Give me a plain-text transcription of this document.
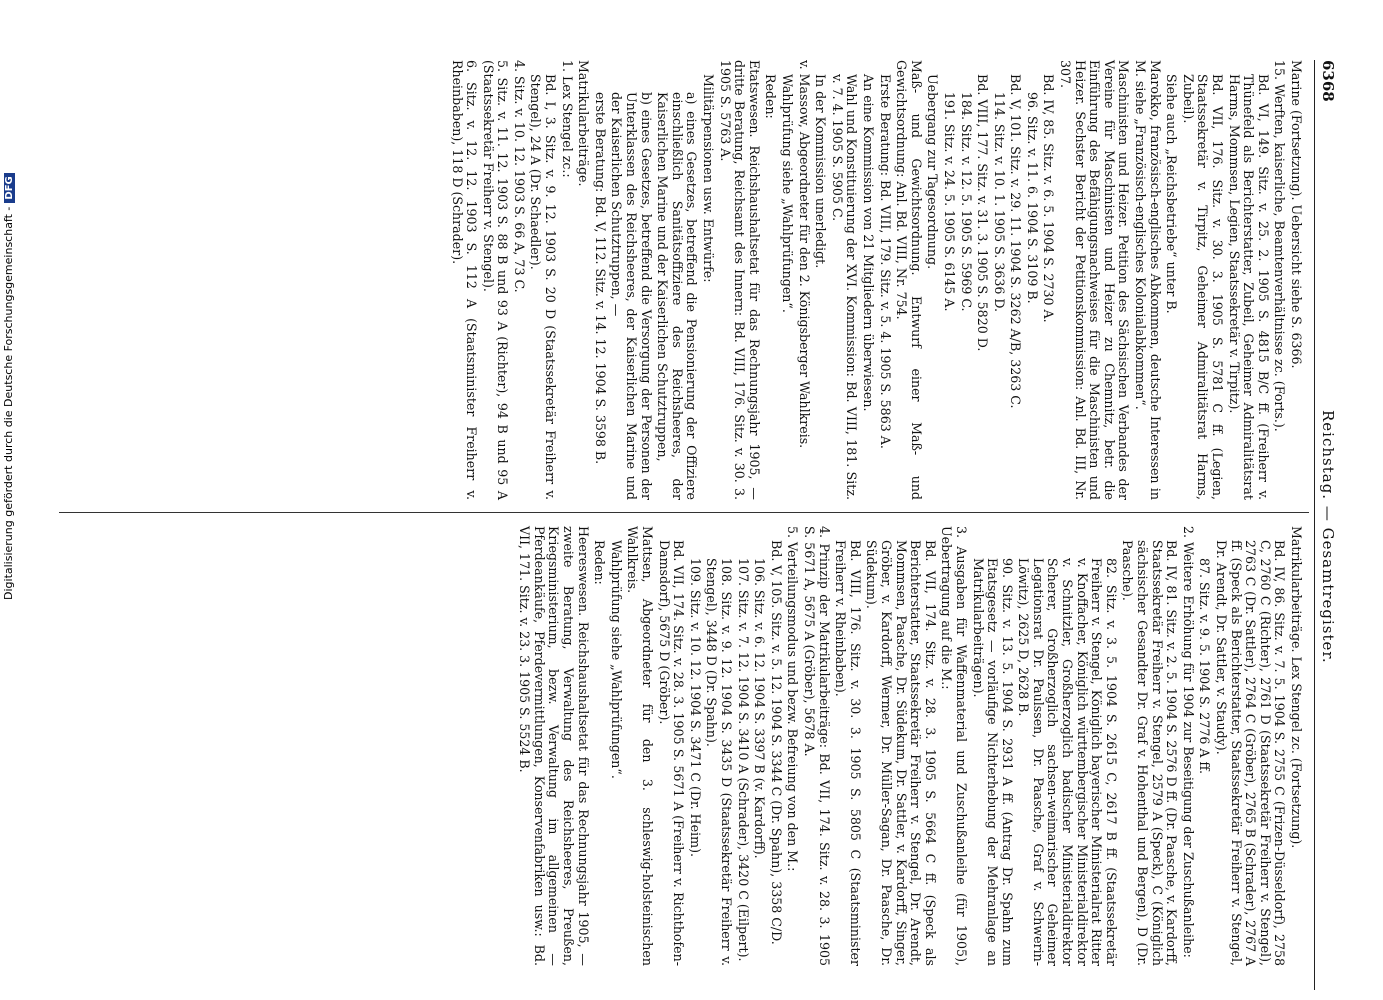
Digitalisierung gefördert durch die Deutsche Forschungsgemeinschaft -DFG
6368
Reichstag. — Gesamtregister.
Marine (Fortsetzung). Uebersicht siehe S. 6366.
15. Werften, kaiserliche, Beamtenverhältnisse zc. (Forts.).
Bd. VI, 149. Sitz. v. 25. 2. 1905 S. 4815 B/C ff. (Freiherr v. Thünefeld als Berichterstatter, Zubeil, Geheimer Admiralitätsrat Harms, Mommsen, Legien, Staatssekretär v. Tirpitz).
Bd. VII, 176. Sitz. v. 30. 3. 1905 S. 5781 C ff. (Legien, Staatssekretär v. Tirpitz, Geheimer Admiralitätsrat Harms, Zubeil).
Siehe auch „Reichsbetriebe“ unter B.
Marokko, französisch-englisches Abkommen, deutsche Interessen in M. siehe „Französisch-englisches Kolonialabkommen“.
Maschinisten und Heizer. Petition des Sächsischen Verbandes der Vereine für Maschinisten und Heizer zu Chemnitz, betr. die Einführung des Befähigungsnachweises für die Maschinisten und Heizer. Sechster Bericht der Petitionskommission: Anl. Bd. III, Nr. 307.
Bd. IV, 85. Sitz. v. 6. 5. 1904 S. 2730 A.
96. Sitz. v. 11. 6. 1904 S. 3109 B.
Bd. V, 101. Sitz. v. 29. 11. 1904 S. 3262 A/B, 3263 C.
114. Sitz. v. 10. 1. 1905 S. 3636 D.
Bd. VIII, 177. Sitz. v. 31. 3. 1905 S. 5820 D.
184. Sitz. v. 12. 5. 1905 S. 5969 C.
191. Sitz. v. 24. 5. 1905 S. 6145 A.
Uebergang zur Tagesordnung.
Maß- und Gewichtsordnung. Entwurf einer Maß- und Gewichtsordnung: Anl. Bd. VIII, Nr. 754.
Erste Beratung: Bd. VIII, 179. Sitz. v. 5. 4. 1905 S. 5863 A.
An eine Kommission von 21 Mitgliedern überwiesen.
Wahl und Konstituierung der XVI. Kommission: Bd. VIII, 181. Sitz. v. 7. 4. 1905 S. 5905 C.
In der Kommission unerledigt.
v. Massow, Abgeordneter für den 2. Königsberger Wahlkreis.
Wahlprüfung siehe „Wahlprüfungen“.
Reden:
Etatswesen. Reichshaushaltsetat für das Rechnungsjahr 1905, — dritte Beratung, Reichsamt des Innern: Bd. VIII, 176. Sitz. v. 30. 3. 1905 S. 5763 A.
Militärpensionen usw. Entwürfe:
a) eines Gesetzes, betreffend die Pensionierung der Offiziere einschließlich Sanitätsoffiziere des Reichsheeres, der Kaiserlichen Marine und der Kaiserlichen Schutztruppen,
b) eines Gesetzes, betreffend die Versorgung der Personen der Unterklassen des Reichsheeres, der Kaiserlichen Marine und der Kaiserlichen Schutztruppen, —
erste Beratung: Bd. V, 112. Sitz. v. 14. 12. 1904 S. 3598 B.
Matrikularbeiträge.
1. Lex Stengel zc.:
Bd. I, 3. Sitz. v. 9. 12. 1903 S. 20 D (Staatssekretär Freiherr v. Stengel), 24 A (Dr. Schaedler).
4. Sitz. v. 10. 12. 1903 S. 66 A, 73 C.
5. Sitz. v. 11. 12. 1903 S. 88 B und 93 A (Richter), 94 B und 95 A (Staatssekretär Freiherr v. Stengel).
6. Sitz. v. 12. 12. 1903 S. 112 A (Staatsminister Freiherr v. Rheinbaben), 118 D (Schrader).
Matrikularbeiträge. Lex Stengel zc. (Fortsetzung).
Bd. IV, 86. Sitz. v. 7. 5. 1904 S. 2755 C (Frizen-Düsseldorf), 2758 C, 2760 C (Richter), 2761 D (Staatssekretär Freiherr v. Stengel), 2763 C (Dr. Sattler), 2764 C (Gröber), 2765 B (Schrader), 2767 A ff. (Speck als Berichterstatter, Staatssekretär Freiherr v. Stengel, Dr. Arendt, Dr. Sattler, v. Staudy).
87. Sitz. v. 9. 5. 1904 S. 2776 A ff.
2. Weitere Erhöhung für 1904 zur Beseitigung der Zuschußanleihe:
Bd. IV, 81. Sitz. v. 2. 5. 1904 S. 2576 D ff. (Dr. Paasche, v. Kardorff, Staatssekretär Freiherr v. Stengel, 2579 A (Speck), C (Königlich sächsischer Gesandter Dr. Graf v. Hohenthal und Bergen), D (Dr. Paasche).
82. Sitz. v. 3. 5. 1904 S. 2615 C, 2617 B ff. (Staatssekretär Freiherr v. Stengel, Königlich bayerischer Ministerialrat Ritter v. Knoffacher, Königlich württembergischer Ministerialdirektor v. Schnitzler, Großherzoglich badischer Ministerialdirektor Scherer, Großherzoglich sachsen-weimarischer Geheimer Legationsrat Dr. Paulssen, Dr. Paasche, Graf v. Schwerin-Löwitz), 2625 D, 2628 B.
90. Sitz. v. 13. 5. 1904 S. 2931 A ff. (Antrag Dr. Spahn zum Etatsgesetz — vorläufige Nichterhebung der Mehranlage an Matrikularbeiträgen).
3. Ausgaben für Waffenmaterial und Zuschußanleihe (für 1905), Uebertragung auf die M.:
Bd. VII, 174. Sitz. v. 28. 3. 1905 S. 5664 C ff. (Speck als Berichterstatter, Staatssekretär Freiherr v. Stengel, Dr. Arendt, Mommsen, Paasche, Dr. Südekum, Dr. Sattler, v. Kardorff, Singer, Gröber, v. Kardorff, Wermer, Dr. Müller-Sagan, Dr. Paasche, Dr. Südekum).
Bd. VIII, 176. Sitz. v. 30. 3. 1905 S. 5805 C (Staatsminister Freiherr v. Rheinbaben).
4. Prinzip der Matrikularbeiträge: Bd. VII, 174. Sitz. v. 28. 3. 1905 S. 5671 A, 5675 A (Gröber), 5678 A.
5. Verteilungsmodus und bezw. Befreiung von den M.:
Bd. V, 105. Sitz. v. 5. 12. 1904 S. 3344 C (Dr. Spahn), 3358 C/D.
106. Sitz. v. 6. 12. 1904 S. 3397 B (v. Kardorff).
107. Sitz. v. 7. 12. 1904 S. 3410 A (Schrader), 3420 C (Eilpert).
108. Sitz. v. 9. 12. 1904 S. 3435 D (Staatssekretär Freiherr v. Stengel), 3448 D (Dr. Spahn).
109. Sitz. v. 10. 12. 1904 S. 3471 C (Dr. Heim).
Bd. VII, 174. Sitz. v. 28. 3. 1905 S. 5671 A (Freiherr v. Richthofen-Damsdorf), 5675 D (Gröber).
Mattsen, Abgeordneter für den 3. schleswig-holsteinischen Wahlkreis.
Wahlprüfung siehe „Wahlprüfungen“.
Reden:
Heereswesen. Reichshaushaltsetat für das Rechnungsjahr 1905, — zweite Beratung, Verwaltung des Reichsheeres, Preußen, Kriegsministerium, bezw. Verwaltung im allgemeinen — Pferdeankäufe, Pferdevermittlungen, Konservenfabriken usw.: Bd. VII, 171. Sitz. v. 23. 3. 1905 S. 5524 B.
